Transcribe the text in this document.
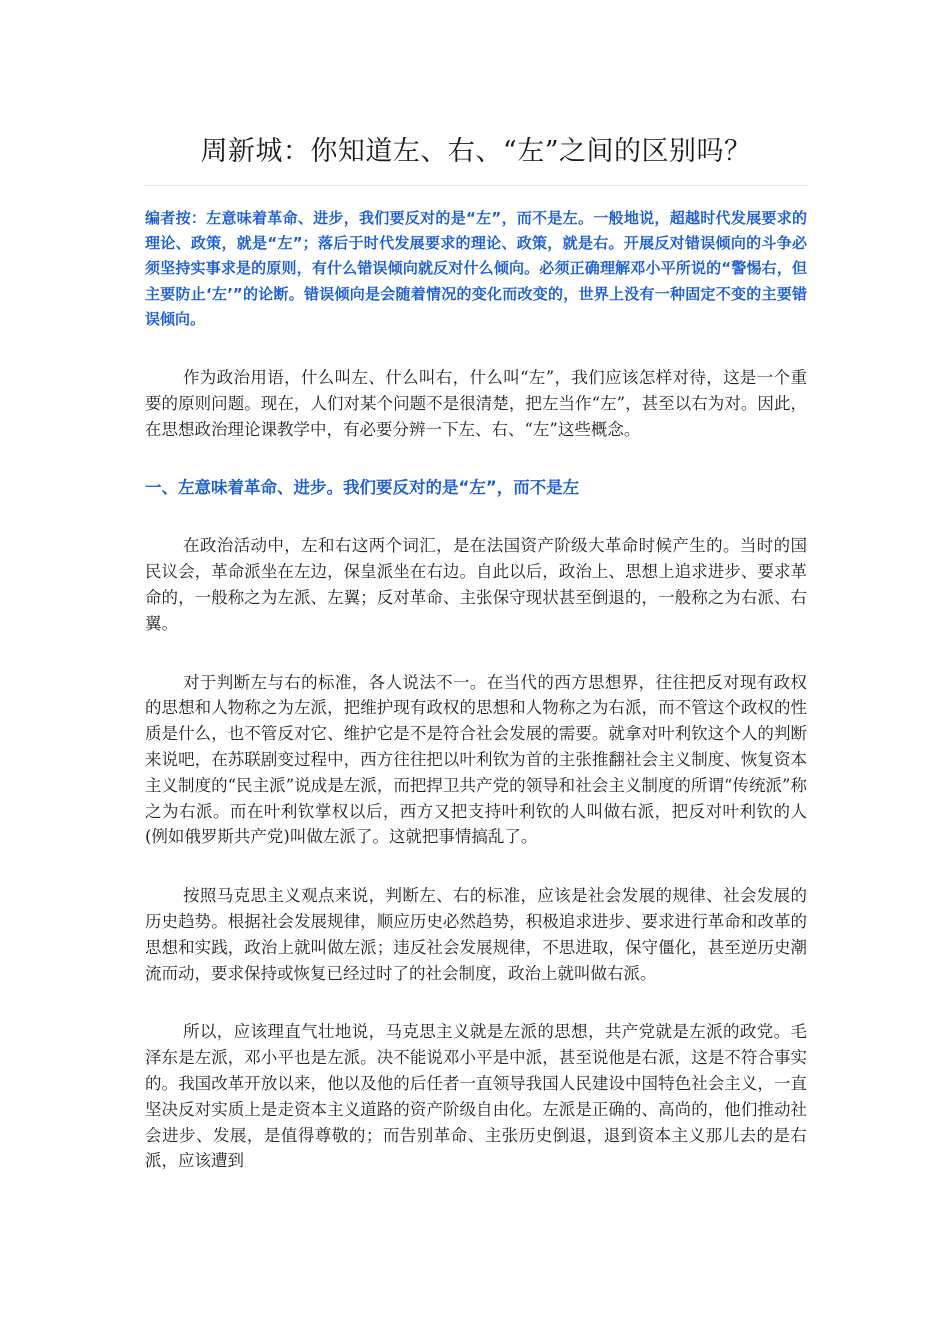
周新城：你知道左、右、“左”之间的区别吗？

编者按：左意味着革命、进步，我们要反对的是“左”，而不是左。一般地说，超越时代发展要求的理论、政策，就是“左”；落后于时代发展要求的理论、政策，就是右。开展反对错误倾向的斗争必须坚持实事求是的原则，有什么错误倾向就反对什么倾向。必须正确理解邓小平所说的“警惕右，但主要防止‘左’”的论断。错误倾向是会随着情况的变化而改变的，世界上没有一种固定不变的主要错误倾向。

作为政治用语，什么叫左、什么叫右，什么叫“左”，我们应该怎样对待，这是一个重要的原则问题。现在，人们对某个问题不是很清楚，把左当作“左”，甚至以右为对。因此，在思想政治理论课教学中，有必要分辨一下左、右、“左”这些概念。

一、左意味着革命、进步。我们要反对的是“左”，而不是左

在政治活动中，左和右这两个词汇，是在法国资产阶级大革命时候产生的。当时的国民议会，革命派坐在左边，保皇派坐在右边。自此以后，政治上、思想上追求进步、要求革命的，一般称之为左派、左翼；反对革命、主张保守现状甚至倒退的，一般称之为右派、右翼。

对于判断左与右的标准，各人说法不一。在当代的西方思想界，往往把反对现有政权的思想和人物称之为左派，把维护现有政权的思想和人物称之为右派，而不管这个政权的性质是什么，也不管反对它、维护它是不是符合社会发展的需要。就拿对叶利钦这个人的判断来说吧，在苏联剧变过程中，西方往往把以叶利钦为首的主张推翻社会主义制度、恢复资本主义制度的“民主派”说成是左派，而把捍卫共产党的领导和社会主义制度的所谓“传统派”称之为右派。而在叶利钦掌权以后，西方又把支持叶利钦的人叫做右派，把反对叶利钦的人(例如俄罗斯共产党)叫做左派了。这就把事情搞乱了。

按照马克思主义观点来说，判断左、右的标准，应该是社会发展的规律、社会发展的历史趋势。根据社会发展规律，顺应历史必然趋势，积极追求进步、要求进行革命和改革的思想和实践，政治上就叫做左派；违反社会发展规律，不思进取，保守僵化，甚至逆历史潮流而动，要求保持或恢复已经过时了的社会制度，政治上就叫做右派。

所以，应该理直气壮地说，马克思主义就是左派的思想，共产党就是左派的政党。毛泽东是左派，邓小平也是左派。决不能说邓小平是中派，甚至说他是右派，这是不符合事实的。我国改革开放以来，他以及他的后任者一直领导我国人民建设中国特色社会主义，一直坚决反对实质上是走资本主义道路的资产阶级自由化。左派是正确的、高尚的，他们推动社会进步、发展，是值得尊敬的；而告别革命、主张历史倒退，退到资本主义那儿去的是右派，应该遭到
